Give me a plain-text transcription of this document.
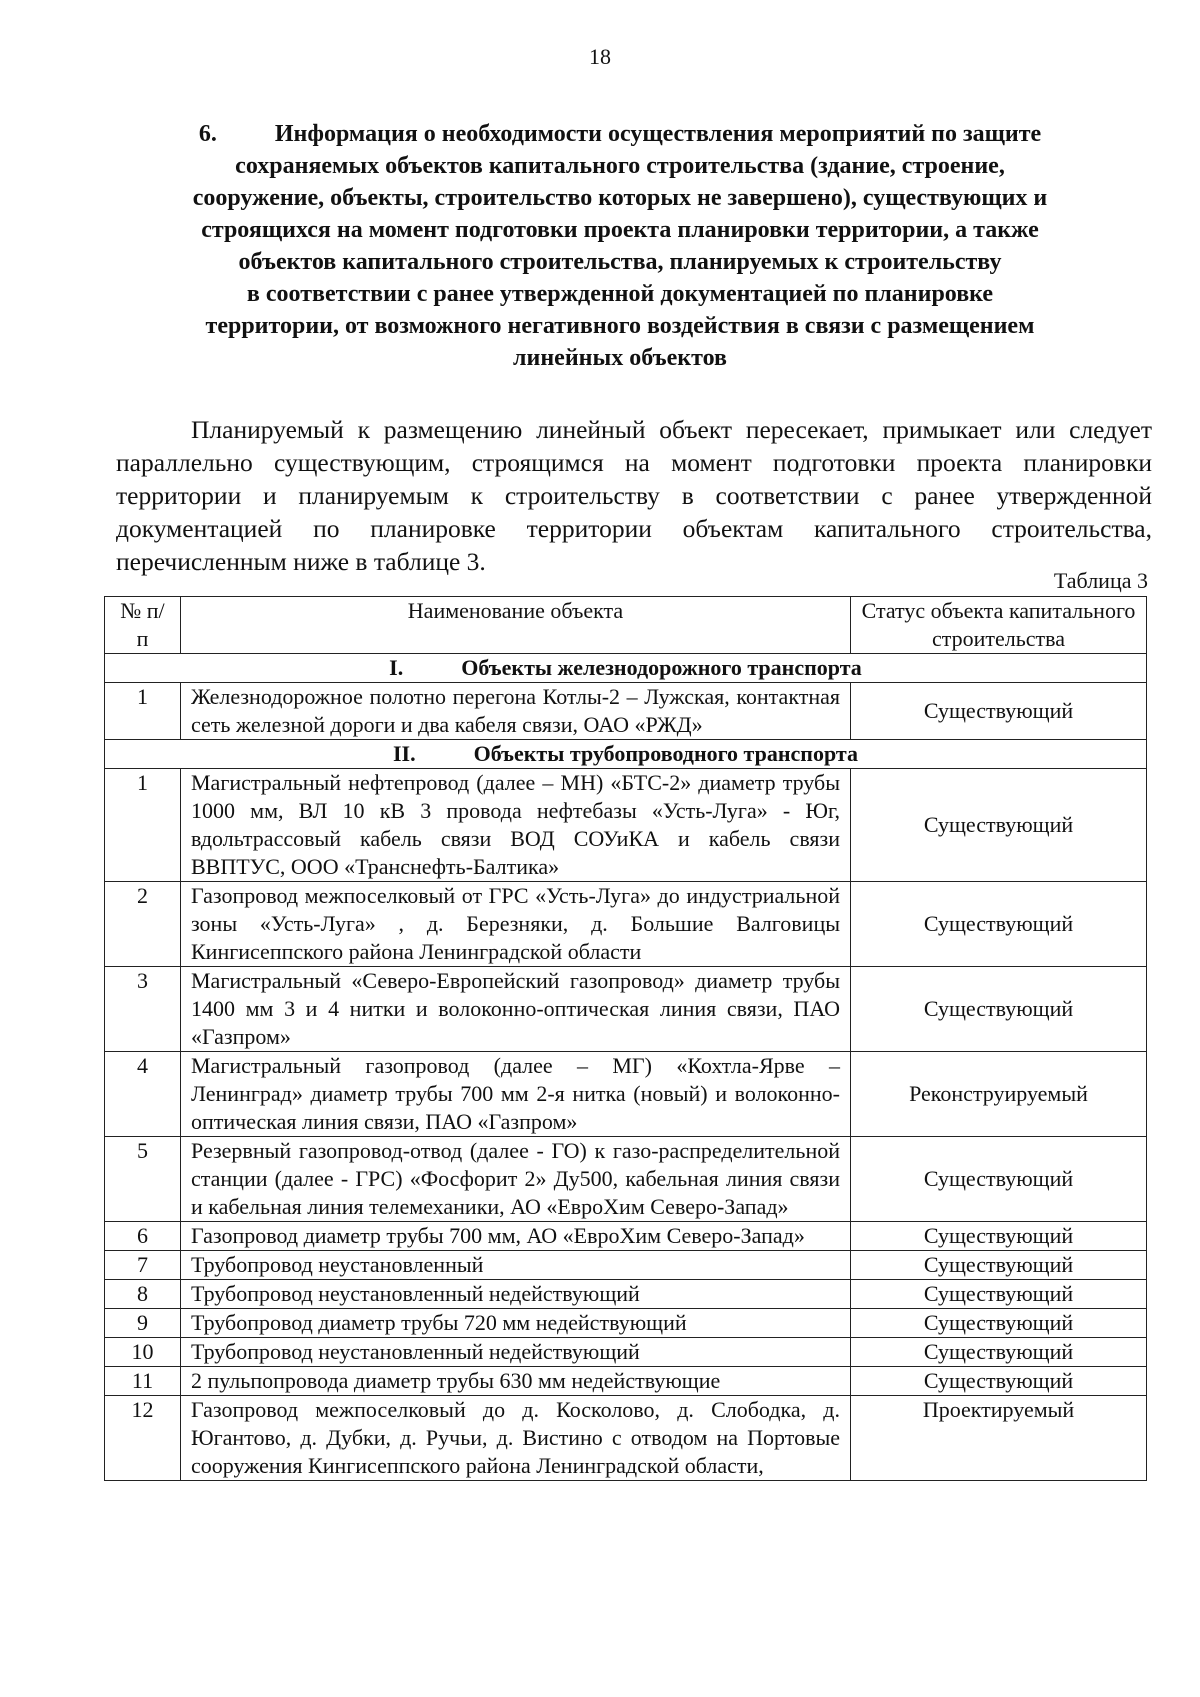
18
6. Информация о необходимости осуществления мероприятий по защите
сохраняемых объектов капитального строительства (здание, строение,
сооружение, объекты, строительство которых не завершено), существующих и
строящихся на момент подготовки проекта планировки территории, а также
объектов капитального строительства, планируемых к строительству
в соответствии с ранее утвержденной документацией по планировке
территории, от возможного негативного воздействия в связи с размещением
линейных объектов
Планируемый к размещению линейный объект пересекает, примыкает или следует параллельно существующим, строящимся на момент подготовки проекта планировки территории и планируемым к строительству в соответствии с ранее утвержденной документацией по планировке территории объектам капитального строительства, перечисленным ниже в таблице 3.
Таблица 3
№ п/п	Наименование объекта	Статус объекта капитального строительства
I. Объекты железнодорожного транспорта		
1	Железнодорожное полотно перегона Котлы-2 – Лужская, контактная сеть железной дороги и два кабеля связи, ОАО «РЖД»	Существующий
II. Объекты трубопроводного транспорта		
1	Магистральный нефтепровод (далее – МН) «БТС-2» диаметр трубы 1000 мм, ВЛ 10 кВ 3 провода нефтебазы «Усть-Луга» - Юг, вдольтрассовый кабель связи ВОД СОУиКА и кабель связи ВВПТУС, ООО «Транснефть-Балтика»	Существующий
2	Газопровод межпоселковый от ГРС «Усть-Луга» до индустриальной зоны «Усть-Луга» , д. Березняки, д. Большие Валговицы Кингисеппского района Ленинградской области	Существующий
3	Магистральный «Северо-Европейский газопровод» диаметр трубы 1400 мм 3 и 4 нитки и волоконно-оптическая линия связи, ПАО «Газпром»	Существующий
4	Магистральный газопровод (далее – МГ) «Кохтла-Ярве – Ленинград» диаметр трубы 700 мм 2-я нитка (новый) и волоконно-оптическая линия связи, ПАО «Газпром»	Реконструируемый
5	Резервный газопровод-отвод (далее - ГО) к газо-распределительной станции (далее - ГРС) «Фосфорит 2» Ду500, кабельная линия связи и кабельная линия телемеханики, АО «ЕвроХим Северо-Запад»	Существующий
6	Газопровод диаметр трубы 700 мм, АО «ЕвроХим Северо-Запад»	Существующий
7	Трубопровод неустановленный	Существующий
8	Трубопровод неустановленный недействующий	Существующий
9	Трубопровод диаметр трубы 720 мм недействующий	Существующий
10	Трубопровод неустановленный недействующий	Существующий
11	2 пульпопровода диаметр трубы 630 мм недействующие	Существующий
12	Газопровод межпоселковый до д. Косколово, д. Слободка, д. Югантово, д. Дубки, д. Ручьи, д. Вистино с отводом на Портовые сооружения Кингисеппского района Ленинградской области,	Проектируемый
